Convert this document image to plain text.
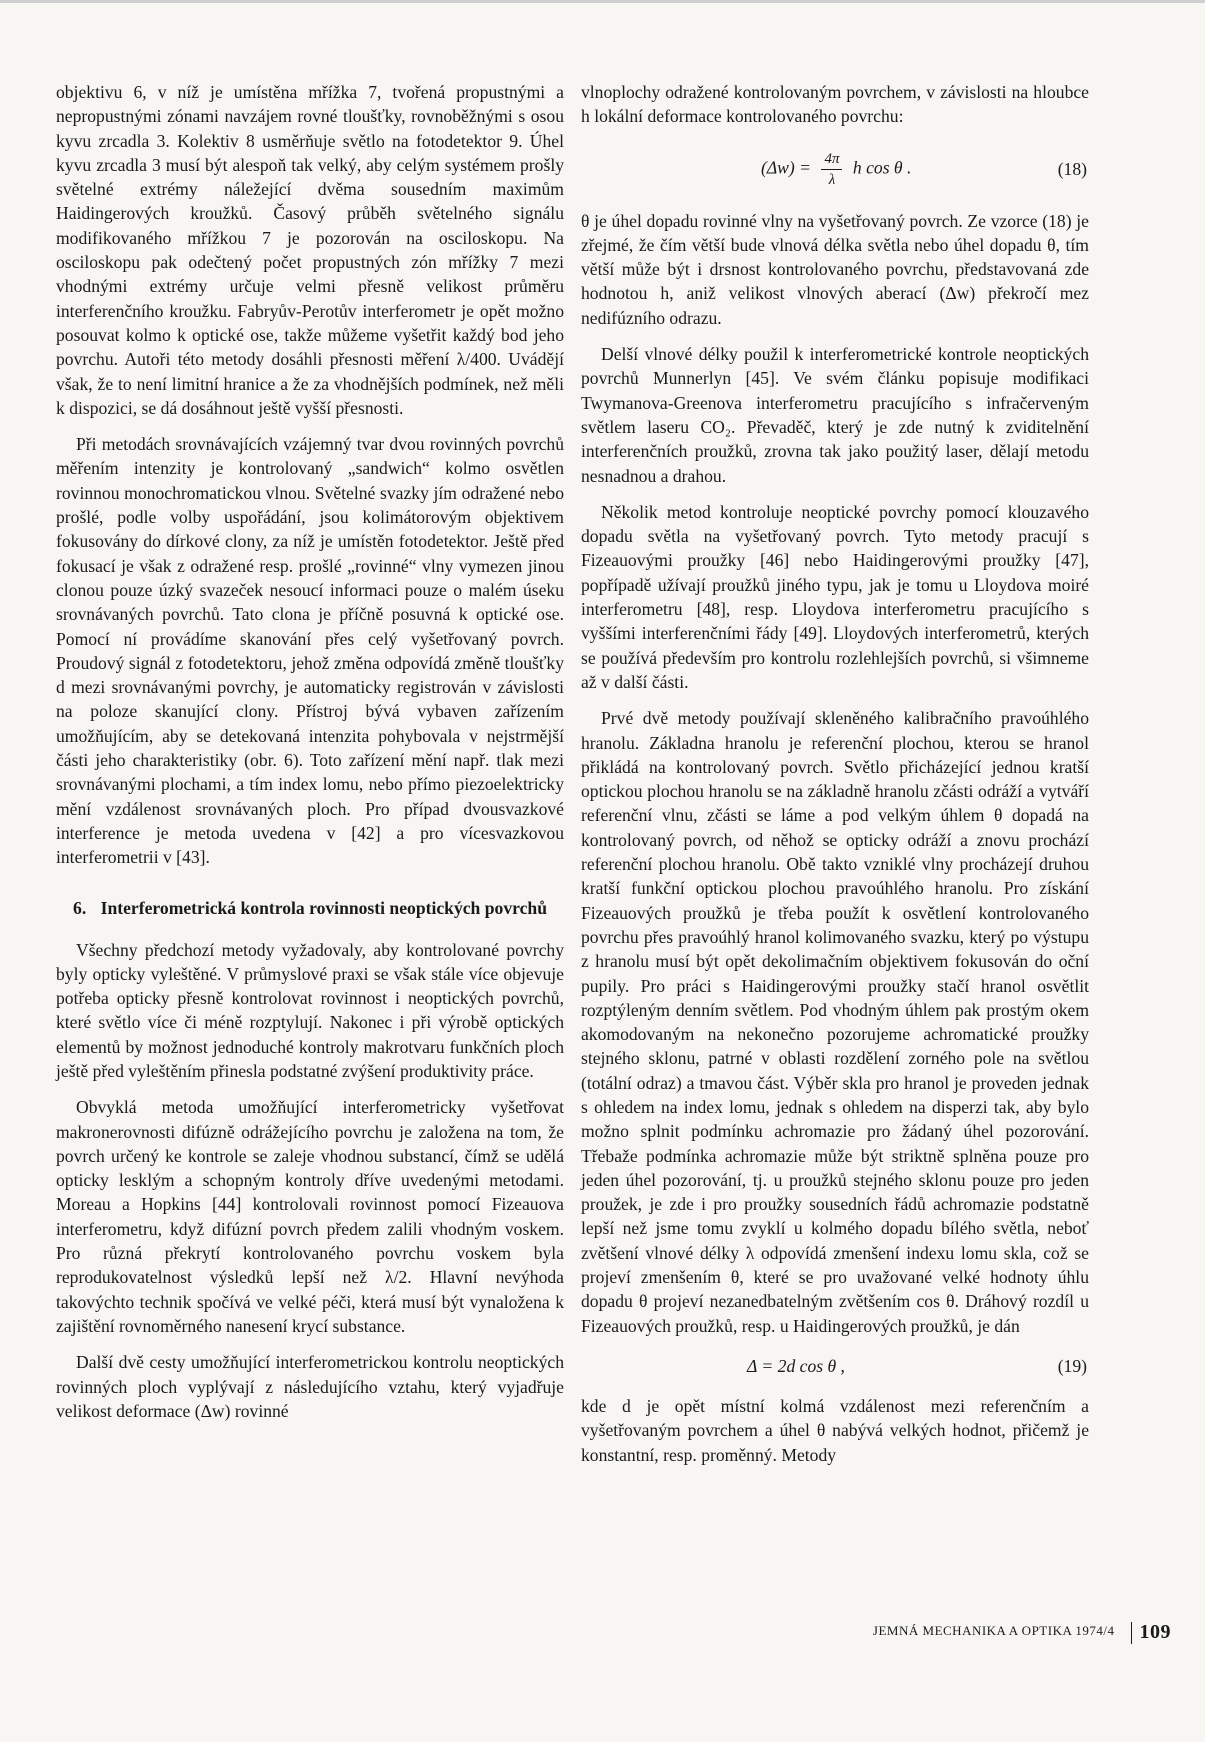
objektivu 6, v níž je umístěna mřížka 7, tvořená propustnými a nepropustnými zónami navzájem rovné tloušťky, rovnoběžnými s osou kyvu zrcadla 3. Kolektiv 8 usměrňuje světlo na fotodetektor 9. Úhel kyvu zrcadla 3 musí být alespoň tak velký, aby celým systémem prošly světelné extrémy náležející dvěma sousedním maximům Haidingerových kroužků. Časový průběh světelného signálu modifikovaného mřížkou 7 je pozorován na osciloskopu. Na osciloskopu pak odečtený počet propustných zón mřížky 7 mezi vhodnými extrémy určuje velmi přesně velikost průměru interferenčního kroužku. Fabryův-Perotův interferometr je opět možno posouvat kolmo k optické ose, takže můžeme vyšetřit každý bod jeho povrchu. Autoři této metody dosáhli přesnosti měření λ/400. Uvádějí však, že to není limitní hranice a že za vhodnějších podmínek, než měli k dispozici, se dá dosáhnout ještě vyšší přesnosti.

Při metodách srovnávajících vzájemný tvar dvou rovinných povrchů měřením intenzity je kontrolovaný „sandwich“ kolmo osvětlen rovinnou monochromatickou vlnou. Světelné svazky jím odražené nebo prošlé, podle volby uspořádání, jsou kolimátorovým objektivem fokusovány do dírkové clony, za níž je umístěn fotodetektor. Ještě před fokusací je však z odražené resp. prošlé „rovinné“ vlny vymezen jinou clonou pouze úzký svazeček nesoucí informaci pouze o malém úseku srovnávaných povrchů. Tato clona je příčně posuvná k optické ose. Pomocí ní provádíme skanování přes celý vyšetřovaný povrch. Proudový signál z fotodetektoru, jehož změna odpovídá změně tloušťky d mezi srovnávanými povrchy, je automaticky registrován v závislosti na poloze skanující clony. Přístroj bývá vybaven zařízením umožňujícím, aby se detekovaná intenzita pohybovala v nejstrmější části jeho charakteristiky (obr. 6). Toto zařízení mění např. tlak mezi srovnávanými plochami, a tím index lomu, nebo přímo piezoelektricky mění vzdálenost srovnávaných ploch. Pro případ dvousvazkové interference je metoda uvedena v [42] a pro vícesvazkovou interferometrii v [43].

6. Interferometrická kontrola rovinnosti neoptických povrchů

Všechny předchozí metody vyžadovaly, aby kontrolované povrchy byly opticky vyleštěné. V průmyslové praxi se však stále více objevuje potřeba opticky přesně kontrolovat rovinnost i neoptických povrchů, které světlo více či méně rozptylují. Nakonec i při výrobě optických elementů by možnost jednoduché kontroly makrotvaru funkčních ploch ještě před vyleštěním přinesla podstatné zvýšení produktivity práce.

Obvyklá metoda umožňující interferometricky vyšetřovat makronerovnosti difúzně odrážejícího povrchu je založena na tom, že povrch určený ke kontrole se zaleje vhodnou substancí, čímž se udělá opticky lesklým a schopným kontroly dříve uvedenými metodami. Moreau a Hopkins [44] kontrolovali rovinnost pomocí Fizeauova interferometru, když difúzní povrch předem zalili vhodným voskem. Pro různá překrytí kontrolovaného povrchu voskem byla reprodukovatelnost výsledků lepší než λ/2. Hlavní nevýhoda takovýchto technik spočívá ve velké péči, která musí být vynaložena k zajištění rovnoměrného nanesení krycí substance.

Další dvě cesty umožňující interferometrickou kontrolu neoptických rovinných ploch vyplývají z následujícího vztahu, který vyjadřuje velikost deformace (Δw) rovinné

vlnoplochy odražené kontrolovaným povrchem, v závislosti na hloubce h lokální deformace kontrolovaného povrchu:

$(\Delta w) = \frac{4\pi}{\lambda}$ h cos θ .	(18)

θ je úhel dopadu rovinné vlny na vyšetřovaný povrch. Ze vzorce (18) je zřejmé, že čím větší bude vlnová délka světla nebo úhel dopadu θ, tím větší může být i drsnost kontrolovaného povrchu, představovaná zde hodnotou h, aniž velikost vlnových aberací (Δw) překročí mez nedifúzního odrazu.

Delší vlnové délky použil k interferometrické kontrole neoptických povrchů Munnerlyn [45]. Ve svém článku popisuje modifikaci Twymanova-Greenova interferometru pracujícího s infračerveným světlem laseru CO₂. Převaděč, který je zde nutný k zviditelnění interferenčních proužků, zrovna tak jako použitý laser, dělají metodu nesnadnou a drahou.

Několik metod kontroluje neoptické povrchy pomocí klouzavého dopadu světla na vyšetřovaný povrch. Tyto metody pracují s Fizeauovými proužky [46] nebo Haidingerovými proužky [47], popřípadě užívají proužků jiného typu, jak je tomu u Lloydova moiré interferometru [48], resp. Lloydova interferometru pracujícího s vyššími interferenčními řády [49]. Lloydových interferometrů, kterých se používá především pro kontrolu rozlehlejších povrchů, si všimneme až v další části.

Prvé dvě metody používají skleněného kalibračního pravoúhlého hranolu. Základna hranolu je referenční plochou, kterou se hranol přikládá na kontrolovaný povrch. Světlo přicházející jednou kratší optickou plochou hranolu se na základně hranolu zčásti odráží a vytváří referenční vlnu, zčásti se láme a pod velkým úhlem θ dopadá na kontrolovaný povrch, od něhož se opticky odráží a znovu prochází referenční plochou hranolu. Obě takto vzniklé vlny procházejí druhou kratší funkční optickou plochou pravoúhlého hranolu. Pro získání Fizeauových proužků je třeba použít k osvětlení kontrolovaného povrchu přes pravoúhlý hranol kolimovaného svazku, který po výstupu z hranolu musí být opět dekolimačním objektivem fokusován do oční pupily. Pro práci s Haidingerovými proužky stačí hranol osvětlit rozptýleným denním světlem. Pod vhodným úhlem pak prostým okem akomodovaným na nekonečno pozorujeme achromatické proužky stejného sklonu, patrné v oblasti rozdělení zorného pole na světlou (totální odraz) a tmavou část. Výběr skla pro hranol je proveden jednak s ohledem na index lomu, jednak s ohledem na disperzi tak, aby bylo možno splnit podmínku achromazie pro žádaný úhel pozorování. Třebaže podmínka achromazie může být striktně splněna pouze pro jeden úhel pozorování, tj. u proužků stejného sklonu pouze pro jeden proužek, je zde i pro proužky sousedních řádů achromazie podstatně lepší než jsme tomu zvyklí u kolmého dopadu bílého světla, neboť zvětšení vlnové délky λ odpovídá zmenšení indexu lomu skla, což se projeví zmenšením θ, které se pro uvažované velké hodnoty úhlu dopadu θ projeví nezanedbatelným zvětšením cos θ. Dráhový rozdíl u Fizeauových proužků, resp. u Haidingerových proužků, je dán

Δ = 2d cos θ ,	(19)

kde d je opět místní kolmá vzdálenost mezi referenčním a vyšetřovaným povrchem a úhel θ nabývá velkých hodnot, přičemž je konstantní, resp. proměnný. Metody

JEMNÁ MECHANIKA A OPTIKA 1974/4 109
